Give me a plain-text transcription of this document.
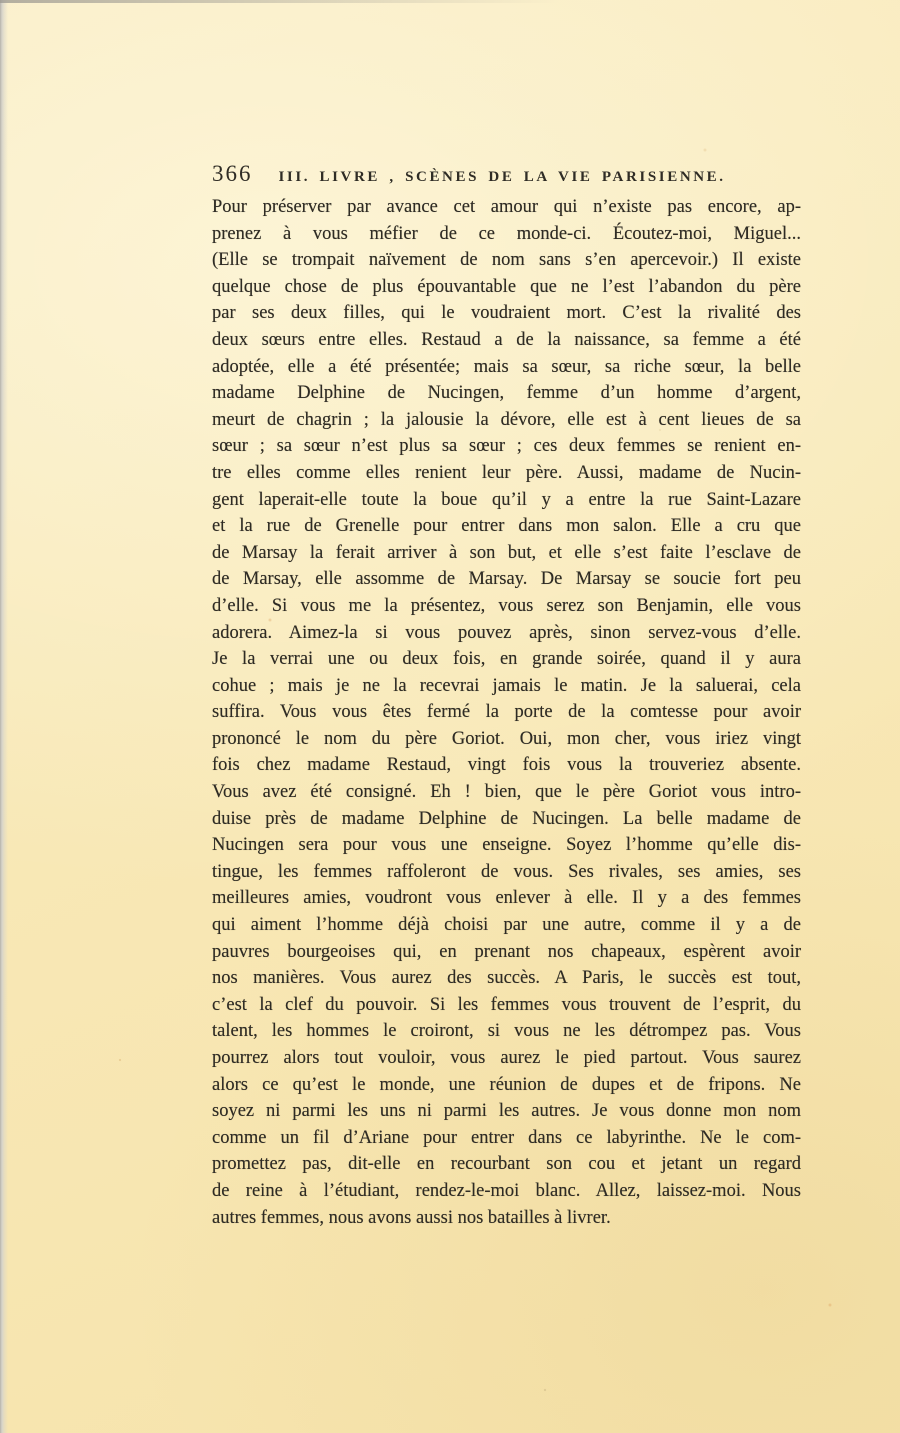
366 III. LIVRE , SCÈNES DE LA VIE PARISIENNE.
Pour préserver par avance cet amour qui n’existe pas encore, ap-
prenez à vous méfier de ce monde-ci. Écoutez-moi, Miguel...
(Elle se trompait naïvement de nom sans s’en apercevoir.) Il existe
quelque chose de plus épouvantable que ne l’est l’abandon du père
par ses deux filles, qui le voudraient mort. C’est la rivalité des
deux sœurs entre elles. Restaud a de la naissance, sa femme a été
adoptée, elle a été présentée; mais sa sœur, sa riche sœur, la belle
madame Delphine de Nucingen, femme d’un homme d’argent,
meurt de chagrin ; la jalousie la dévore, elle est à cent lieues de sa
sœur ; sa sœur n’est plus sa sœur ; ces deux femmes se renient en-
tre elles comme elles renient leur père. Aussi, madame de Nucin-
gent laperait-elle toute la boue qu’il y a entre la rue Saint-Lazare
et la rue de Grenelle pour entrer dans mon salon. Elle a cru que
de Marsay la ferait arriver à son but, et elle s’est faite l’esclave de
de Marsay, elle assomme de Marsay. De Marsay se soucie fort peu
d’elle. Si vous me la présentez, vous serez son Benjamin, elle vous
adorera. Aimez-la si vous pouvez après, sinon servez-vous d’elle.
Je la verrai une ou deux fois, en grande soirée, quand il y aura
cohue ; mais je ne la recevrai jamais le matin. Je la saluerai, cela
suffira. Vous vous êtes fermé la porte de la comtesse pour avoir
prononcé le nom du père Goriot. Oui, mon cher, vous iriez vingt
fois chez madame Restaud, vingt fois vous la trouveriez absente.
Vous avez été consigné. Eh ! bien, que le père Goriot vous intro-
duise près de madame Delphine de Nucingen. La belle madame de
Nucingen sera pour vous une enseigne. Soyez l’homme qu’elle dis-
tingue, les femmes raffoleront de vous. Ses rivales, ses amies, ses
meilleures amies, voudront vous enlever à elle. Il y a des femmes
qui aiment l’homme déjà choisi par une autre, comme il y a de
pauvres bourgeoises qui, en prenant nos chapeaux, espèrent avoir
nos manières. Vous aurez des succès. A Paris, le succès est tout,
c’est la clef du pouvoir. Si les femmes vous trouvent de l’esprit, du
talent, les hommes le croiront, si vous ne les détrompez pas. Vous
pourrez alors tout vouloir, vous aurez le pied partout. Vous saurez
alors ce qu’est le monde, une réunion de dupes et de fripons. Ne
soyez ni parmi les uns ni parmi les autres. Je vous donne mon nom
comme un fil d’Ariane pour entrer dans ce labyrinthe. Ne le com-
promettez pas, dit-elle en recourbant son cou et jetant un regard
de reine à l’étudiant, rendez-le-moi blanc. Allez, laissez-moi. Nous
autres femmes, nous avons aussi nos batailles à livrer.
